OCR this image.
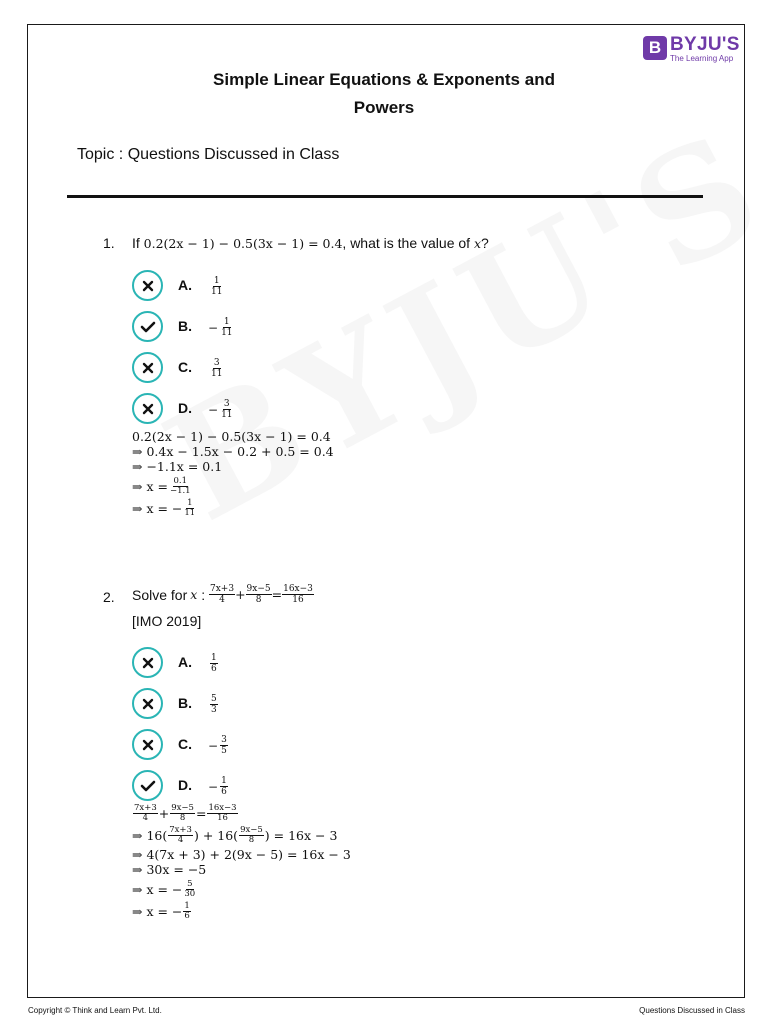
B BYJU'S
The Learning App
Simple Linear Equations & Exponents and
Powers
Topic : Questions Discussed in Class
1. If 0.2(2x − 1) − 0.5(3x − 1) = 0.4, what is the value of x?
A. $\frac{1}{11}$
B. − $\frac{1}{11}$
C. $\frac{3}{11}$
D. − $\frac{3}{11}$
0.2(2x − 1) − 0.5(3x − 1) = 0.4
⇒ 0.4x − 1.5x − 0.2 + 0.5 = 0.4
⇒ −1.1x = 0.1
⇒ $x = \frac{0.1}{-1.1}$
⇒ x = − $\frac{1}{11}$
2. Solve for x : $\frac{7x+3}{4} + \frac{9x-5}{8} = \frac{16x-3}{16}$
[IMO 2019]
A. $\frac{1}{6}$
B. $\frac{5}{3}$
C. − $\frac{3}{5}$
D. − $\frac{1}{6}$
$\frac{7x+3}{4} + \frac{9x-5}{8} = \frac{16x-3}{16}$
⇒ $16( \frac{7x+3}{4}$ ) + $16( \frac{9x-5}{8}$ ) = 16x − 3
⇒ 4(7x + 3) + 2(9x − 5) = 16x − 3
⇒ 30x = −5
⇒ x = − $\frac{5}{30}$
⇒ x = − $\frac{1}{6}$
Copyright © Think and Learn Pvt. Ltd.	Questions Discussed in Class
